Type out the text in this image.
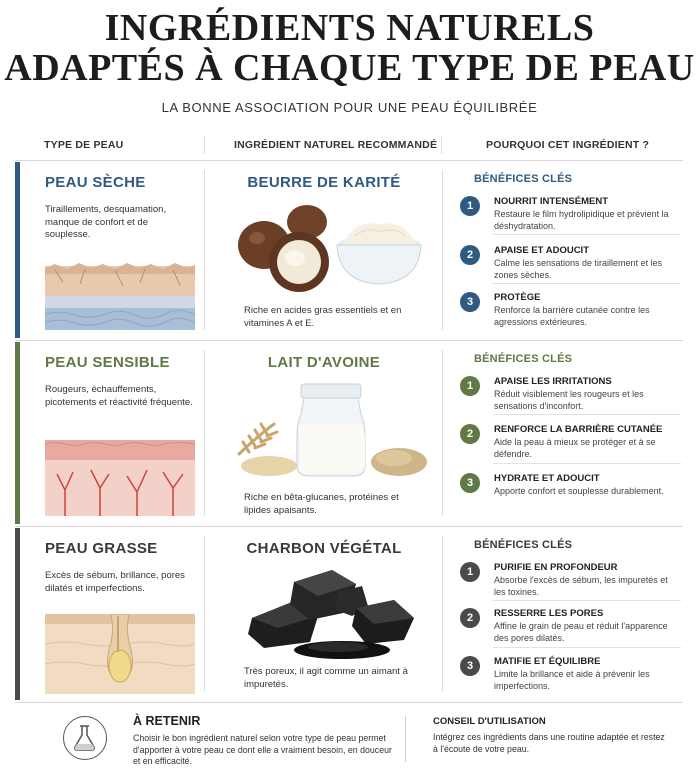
INGRÉDIENTS NATURELS
ADAPTÉS À CHAQUE TYPE DE PEAU
LA BONNE ASSOCIATION POUR UNE PEAU ÉQUILIBRÉE
TYPE DE PEAU	INGRÉDIENT NATUREL RECOMMANDÉ	POURQUOI CET INGRÉDIENT ?
PEAU SÈCHE
Tiraillements, desquamation, manque de confort et de souplesse.
BEURRE DE KARITÉ
Riche en acides gras essentiels et en vitamines A et E.
BÉNÉFICES CLÉS
1	NOURRIT INTENSÉMENT
Restaure le film hydrolipidique et prévient la déshydratation.
2	APAISE ET ADOUCIT
Calme les sensations de tiraillement et les zones sèches.
3	PROTÈGE
Renforce la barrière cutanée contre les agressions extérieures.
PEAU SENSIBLE
Rougeurs, échauffements, picotements et réactivité fréquente.
LAIT D'AVOINE
Riche en bêta-glucanes, protéines et lipides apaisants.
BÉNÉFICES CLÉS
1	APAISE LES IRRITATIONS
Réduit visiblement les rougeurs et les sensations d'inconfort.
2	RENFORCE LA BARRIÈRE CUTANÉE
Aide la peau à mieux se protéger et à se défendre.
3	HYDRATE ET ADOUCIT
Apporte confort et souplesse durablement.
PEAU GRASSE
Excès de sébum, brillance, pores dilatés et imperfections.
CHARBON VÉGÉTAL
Très poreux, il agit comme un aimant à impuretés.
BÉNÉFICES CLÉS
1	PURIFIE EN PROFONDEUR
Absorbe l'excès de sébum, les impuretés et les toxines.
2	RESSERRE LES PORES
Affine le grain de peau et réduit l'apparence des pores dilatés.
3	MATIFIE ET ÉQUILIBRE
Limite la brillance et aide à prévenir les imperfections.
À RETENIR
Choisir le bon ingrédient naturel selon votre type de peau permet d'apporter à votre peau ce dont elle a vraiment besoin, en douceur et en efficacité.
CONSEIL D'UTILISATION
Intégrez ces ingrédients dans une routine adaptée et restez à l'écoute de votre peau.
